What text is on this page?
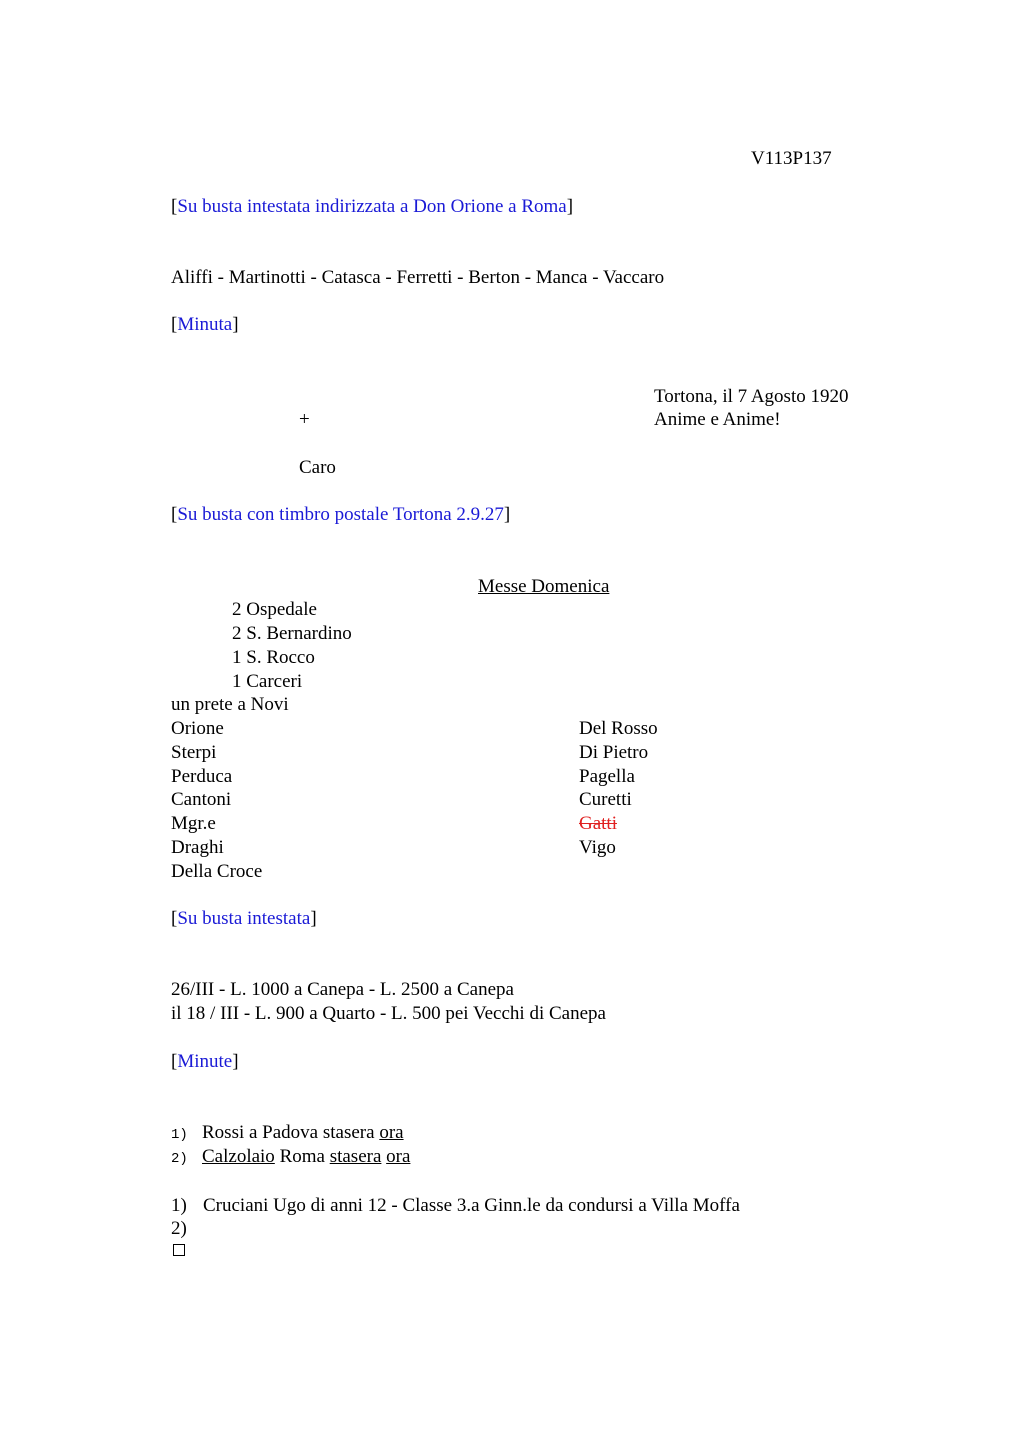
V113P137
[Su busta intestata indirizzata a Don Orione a Roma]
Aliffi - Martinotti - Catasca - Ferretti - Berton - Manca - Vaccaro
[Minuta]
Tortona, il 7 Agosto 1920
+	Anime e Anime!
Caro
[Su busta con timbro postale Tortona 2.9.27]
Messe Domenica
2 Ospedale
2 S. Bernardino
1 S. Rocco
1 Carceri
un prete a Novi
Orione
Sterpi
Perduca
Cantoni
Mgr.e
Draghi
Della Croce
Del Rosso
Di Pietro
Pagella
Curetti
Gatti
Vigo
[Su busta intestata]
26/III - L. 1000 a Canepa - L. 2500 a Canepa
il 18 / III - L. 900 a Quarto - L. 500 pei Vecchi di Canepa
[Minute]
1) Rossi a Padova stasera ora
2) Calzolaio Roma stasera ora
1) Cruciani Ugo di anni 12 - Classe 3.a Ginn.le da condursi a Villa Moffa
2)
